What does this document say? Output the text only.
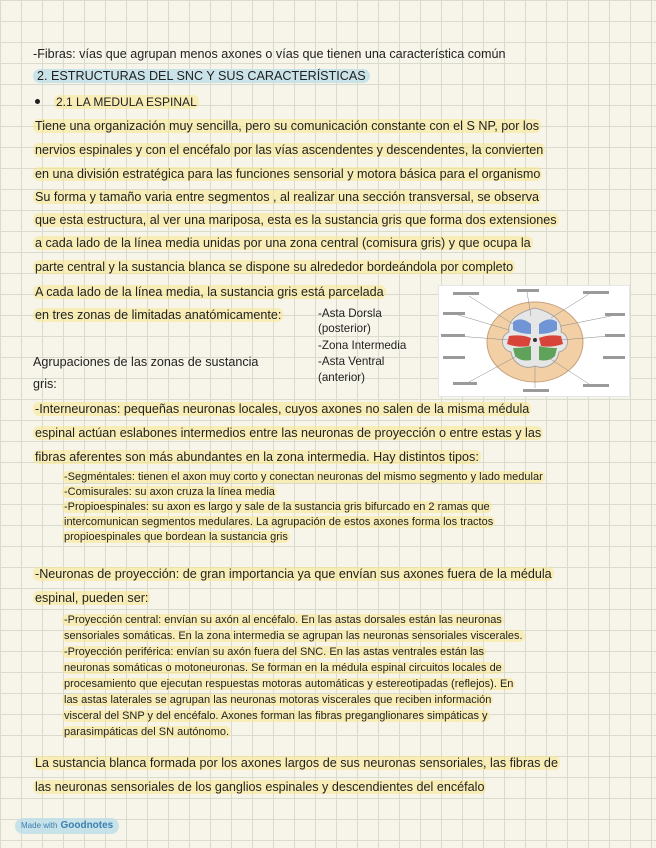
-Fibras: vías que agrupan menos axones o vías que tienen una característica común
2. ESTRUCTURAS DEL SNC Y SUS CARACTERÍSTICAS
2.1 LA MEDULA ESPINAL
Tiene una organización muy sencilla, pero su comunicación constante con el S NP, por los
nervios espinales y con el encéfalo por las vías ascendentes y descendentes, la convierten
en una división estratégica para las funciones sensorial y motora básica para el organismo
Su forma y tamaño varia entre segmentos , al realizar una sección transversal, se observa
que esta estructura, al ver una mariposa, esta es la sustancia gris que forma dos extensiones
a cada lado de la línea media unidas por una zona central (comisura gris) y que ocupa la
parte central y la sustancia blanca se dispone su alrededor bordeándola por completo
A cada lado de la línea media, la sustancia gris está parcelada
en tres zonas de limitadas anatómicamente:	-Asta Dorsla
(posterior)
-Zona Intermedia
-Asta Ventral
(anterior)
Agrupaciones de las zonas de sustancia
gris:
-Interneuronas: pequeñas neuronas locales, cuyos axones no salen de la misma médula
espinal actúan eslabones intermedios entre las neuronas de proyección o entre estas y las
fibras aferentes son más abundantes en la zona intermedia. Hay distintos tipos:
-Segméntales: tienen el axon muy corto y conectan neuronas del mismo segmento y lado medular
-Comisurales: su axon cruza la línea media
-Propioespinales: su axon es largo y sale de la sustancia gris bifurcado en 2 ramas que
intercomunican segmentos medulares. La agrupación de estos axones forma los tractos
propioespinales que bordean la sustancia gris
-Neuronas de proyección: de gran importancia ya que envían sus axones fuera de la médula
espinal, pueden ser:
-Proyección central: envían su axón al encéfalo. En las astas dorsales están las neuronas
sensoriales somáticas. En la zona intermedia se agrupan las neuronas sensoriales viscerales.
-Proyección periférica: envían su axón fuera del SNC. En las astas ventrales están las
neuronas somáticas o motoneuronas. Se forman en la médula espinal circuitos locales de
procesamiento que ejecutan respuestas motoras automáticas y estereotipadas (reflejos). En
las astas laterales se agrupan las neuronas motoras viscerales que reciben información
visceral del SNP y del encéfalo. Axones forman las fibras preganglionares simpáticas y
parasimpáticas del SN autónomo.
La sustancia blanca formada por los axones largos de sus neuronas sensoriales, las fibras de
las neuronas sensoriales de los ganglios espinales y descendientes del encéfalo
Made with Goodnotes
